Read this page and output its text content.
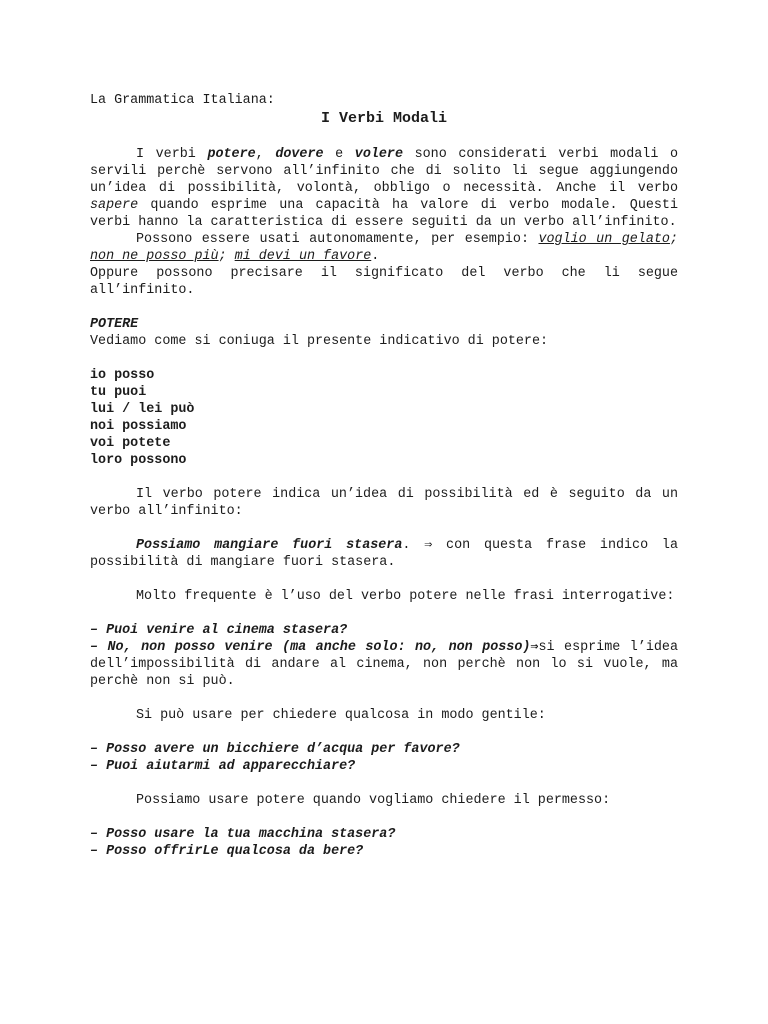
La Grammatica Italiana:

I Verbi Modali

I verbi potere, dovere e volere sono considerati verbi modali o servili perchè servono all’infinito che di solito li segue aggiungendo un’idea di possibilità, volontà, obbligo o necessità. Anche il verbo sapere quando esprime una capacità ha valore di verbo modale. Questi verbi hanno la caratteristica di essere seguiti da un verbo all’infinito.

Possono essere usati autonomamente, per esempio: voglio un gelato; non ne posso più; mi devi un favore.

Oppure possono precisare il significato del verbo che li segue all’infinito.

POTERE

Vediamo come si coniuga il presente indicativo di potere:

io posso

tu puoi

lui / lei può

noi possiamo

voi potete

loro possono

Il verbo potere indica un’idea di possibilità ed è seguito da un verbo all’infinito:

Possiamo mangiare fuori stasera. ⇒ con questa frase indico la possibilità di mangiare fuori stasera.

Molto frequente è l’uso del verbo potere nelle frasi interrogative:

– Puoi venire al cinema stasera?

– No, non posso venire (ma anche solo: no, non posso)⇒si esprime l’idea dell’impossibilità di andare al cinema, non perchè non lo si vuole, ma perchè non si può.

Si può usare per chiedere qualcosa in modo gentile:

– Posso avere un bicchiere d’acqua per favore?

– Puoi aiutarmi ad apparecchiare?

Possiamo usare potere quando vogliamo chiedere il permesso:

– Posso usare la tua macchina stasera?

– Posso offrirLe qualcosa da bere?
